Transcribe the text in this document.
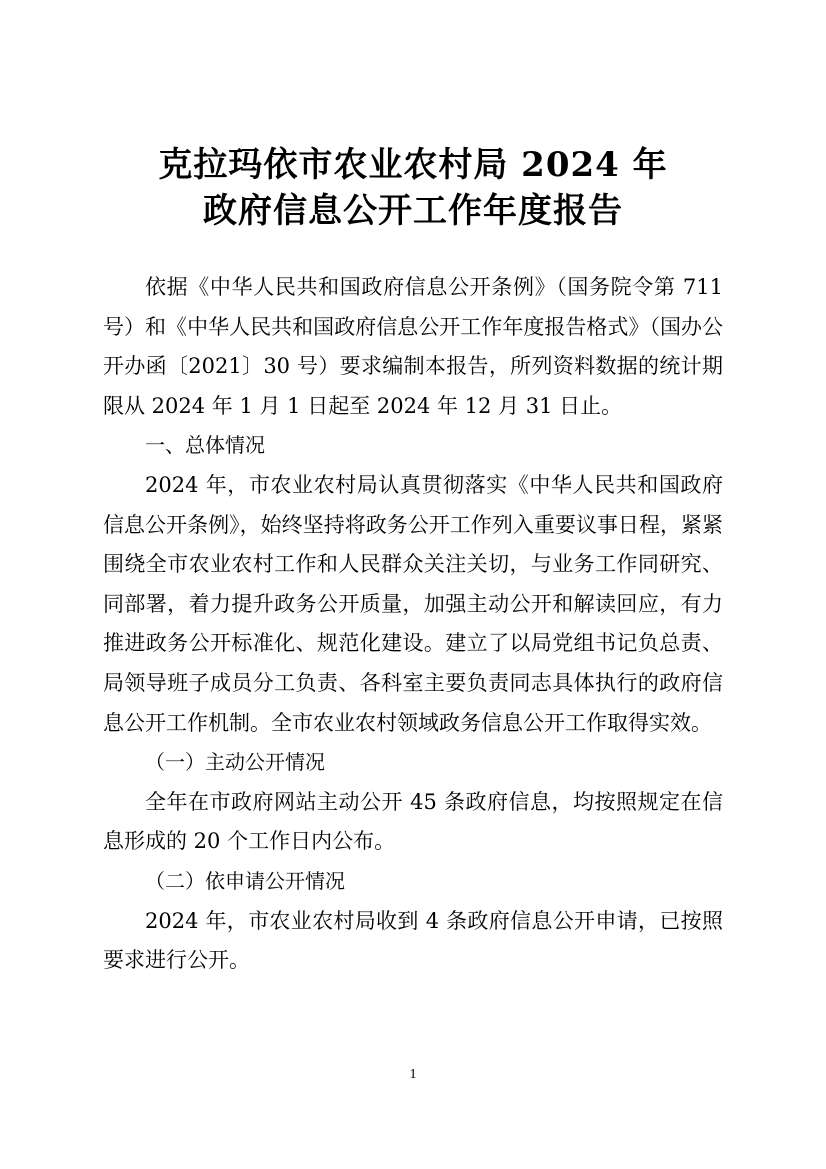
克拉玛依市农业农村局 2024 年
政府信息公开工作年度报告

依据《中华人民共和国政府信息公开条例》（国务院令第 711 号）和《中华人民共和国政府信息公开工作年度报告格式》（国办公开办函〔2021〕30 号）要求编制本报告，所列资料数据的统计期限从 2024 年 1 月 1 日起至 2024 年 12 月 31 日止。

一、总体情况

2024 年，市农业农村局认真贯彻落实《中华人民共和国政府信息公开条例》，始终坚持将政务公开工作列入重要议事日程，紧紧围绕全市农业农村工作和人民群众关注关切，与业务工作同研究、同部署，着力提升政务公开质量，加强主动公开和解读回应，有力推进政务公开标准化、规范化建设。建立了以局党组书记负总责、局领导班子成员分工负责、各科室主要负责同志具体执行的政府信息公开工作机制。全市农业农村领域政务信息公开工作取得实效。

（一）主动公开情况

全年在市政府网站主动公开 45 条政府信息，均按照规定在信息形成的 20 个工作日内公布。

（二）依申请公开情况

2024 年，市农业农村局收到 4 条政府信息公开申请，已按照要求进行公开。

1
